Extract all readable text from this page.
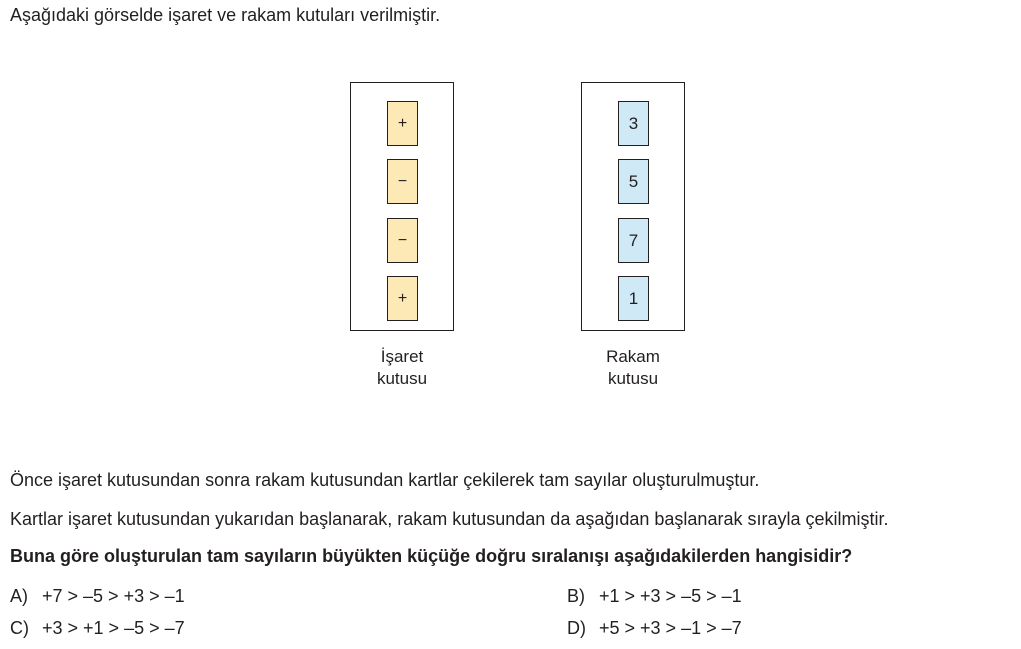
Aşağıdaki görselde işaret ve rakam kutuları verilmiştir.
+
−
−
+
3
5
7
1
İşaret
kutusu
Rakam
kutusu
Önce işaret kutusundan sonra rakam kutusundan kartlar çekilerek tam sayılar oluşturulmuştur.
Kartlar işaret kutusundan yukarıdan başlanarak, rakam kutusundan da aşağıdan başlanarak sırayla çekilmiştir.
Buna göre oluşturulan tam sayıların büyükten küçüğe doğru sıralanışı aşağıdakilerden hangisidir?
A) +7 > –5 > +3 > –1	B) +1 > +3 > –5 > –1
C) +3 > +1 > –5 > –7	D) +5 > +3 > –1 > –7
